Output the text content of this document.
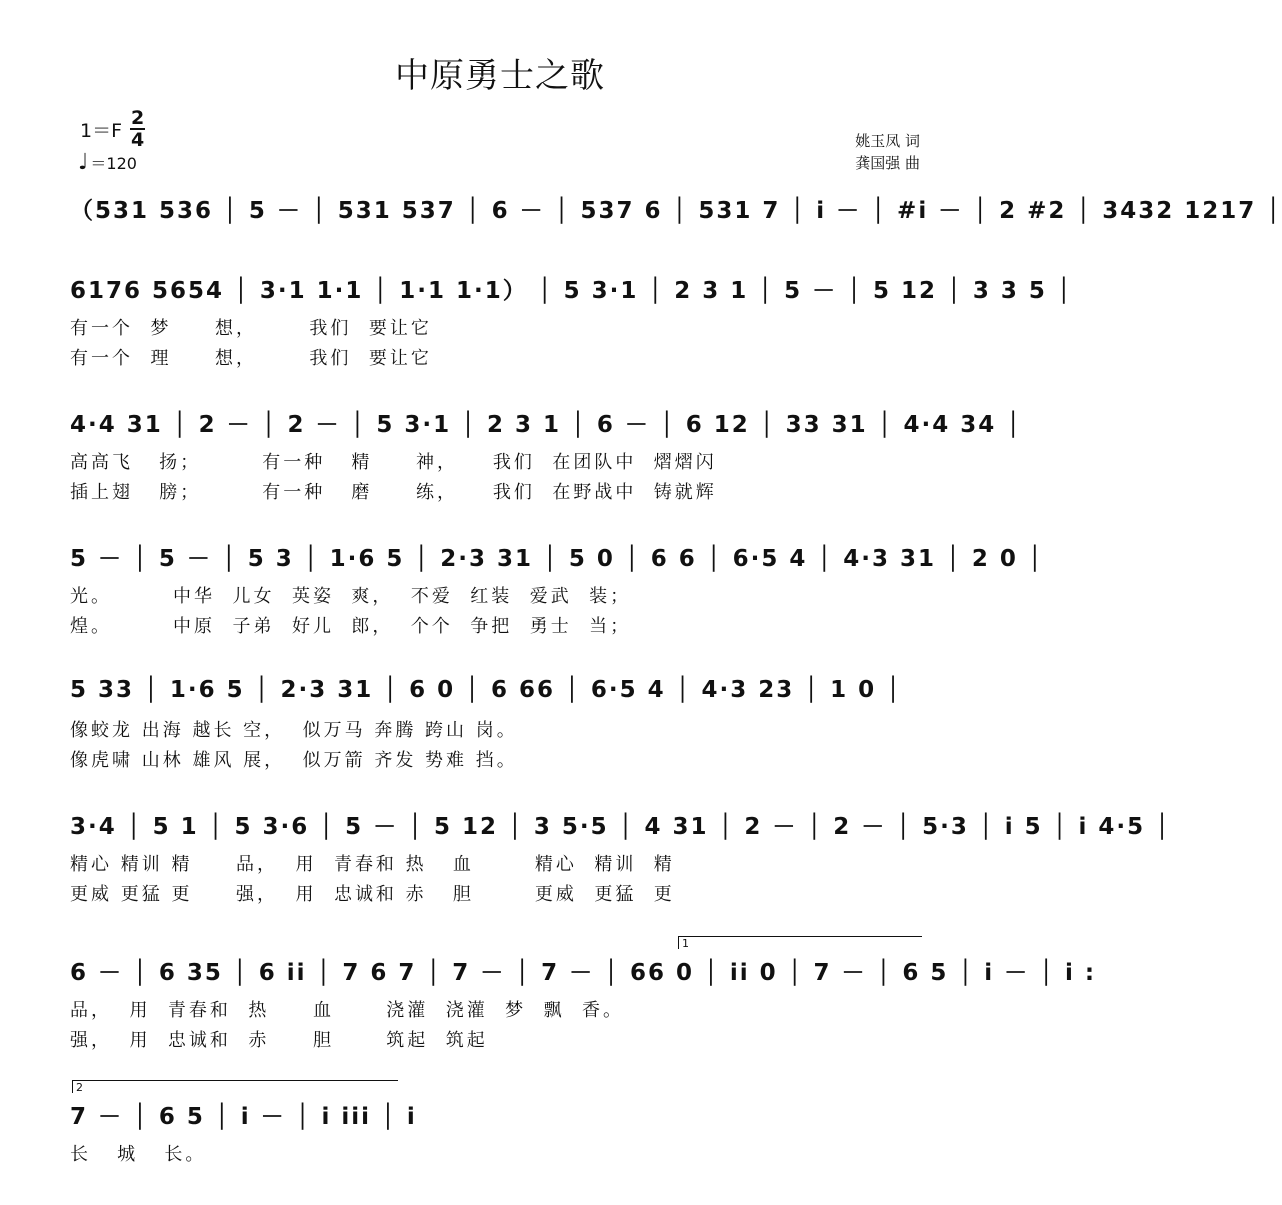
中原勇士之歌
$1=F \frac{2}{4}$
♩ ＝120
姚玉凤 词
龚国强 曲
（531 536 │ 5 － │ 531 537 │ 6 － │ 537 6 │ 531 7 │ i － │ #i － │ 2 #2 │ 3432 1217 │
6176 5654 │ 3·1 1·1 │ 1·1 1·1） │ 5 3·1 │ 2 3 1 │ 5 － │ 5 12 │ 3 3 5 │
有一个  梦     想，      我们  要让它
有一个  理     想，      我们  要让它
4·4 31 │ 2 － │ 2 － │ 5 3·1 │ 2 3 1 │ 6 － │ 6 12 │ 33 31 │ 4·4 34 │
高高飞   扬；       有一种   精     神，    我们  在团队中  熠熠闪
插上翅   膀；       有一种   磨     练，    我们  在野战中  铸就辉
5 － │ 5 － │ 5 3 │ 1·6 5 │ 2·3 31 │ 5 0 │ 6 6 │ 6·5 4 │ 4·3 31 │ 2 0 │
光。       中华  儿女  英姿  爽，  不爱  红装  爱武  装；
煌。       中原  子弟  好儿  郎，  个个  争把  勇士  当；
5 33 │ 1·6 5 │ 2·3 31 │ 6 0 │ 6 66 │ 6·5 4 │ 4·3 23 │ 1 0 │
像蛟龙 出海 越长 空，  似万马 奔腾 跨山 岗。
像虎啸 山林 雄风 展，  似万箭 齐发 势难 挡。
3·4 │ 5 1 │ 5 3·6 │ 5 － │ 5 12 │ 3 5·5 │ 4 31 │ 2 － │ 2 － │ 5·3 │ i 5 │ i 4·5 │
精心 精训 精     品，  用  青春和 热   血       精心  精训  精
更威 更猛 更     强，  用  忠诚和 赤   胆       更威  更猛  更
1
6 － │ 6 35 │ 6 ii │ 7 6 7 │ 7 － │ 7 － │ 66 0 │ ii 0 │ 7 － │ 6 5 │ i － │ i :
品，  用  青春和  热     血      浇灌  浇灌  梦  飘  香。
强，  用  忠诚和  赤     胆      筑起  筑起
2
7 － │ 6 5 │ i － │ i iii │ i
长   城   长。
